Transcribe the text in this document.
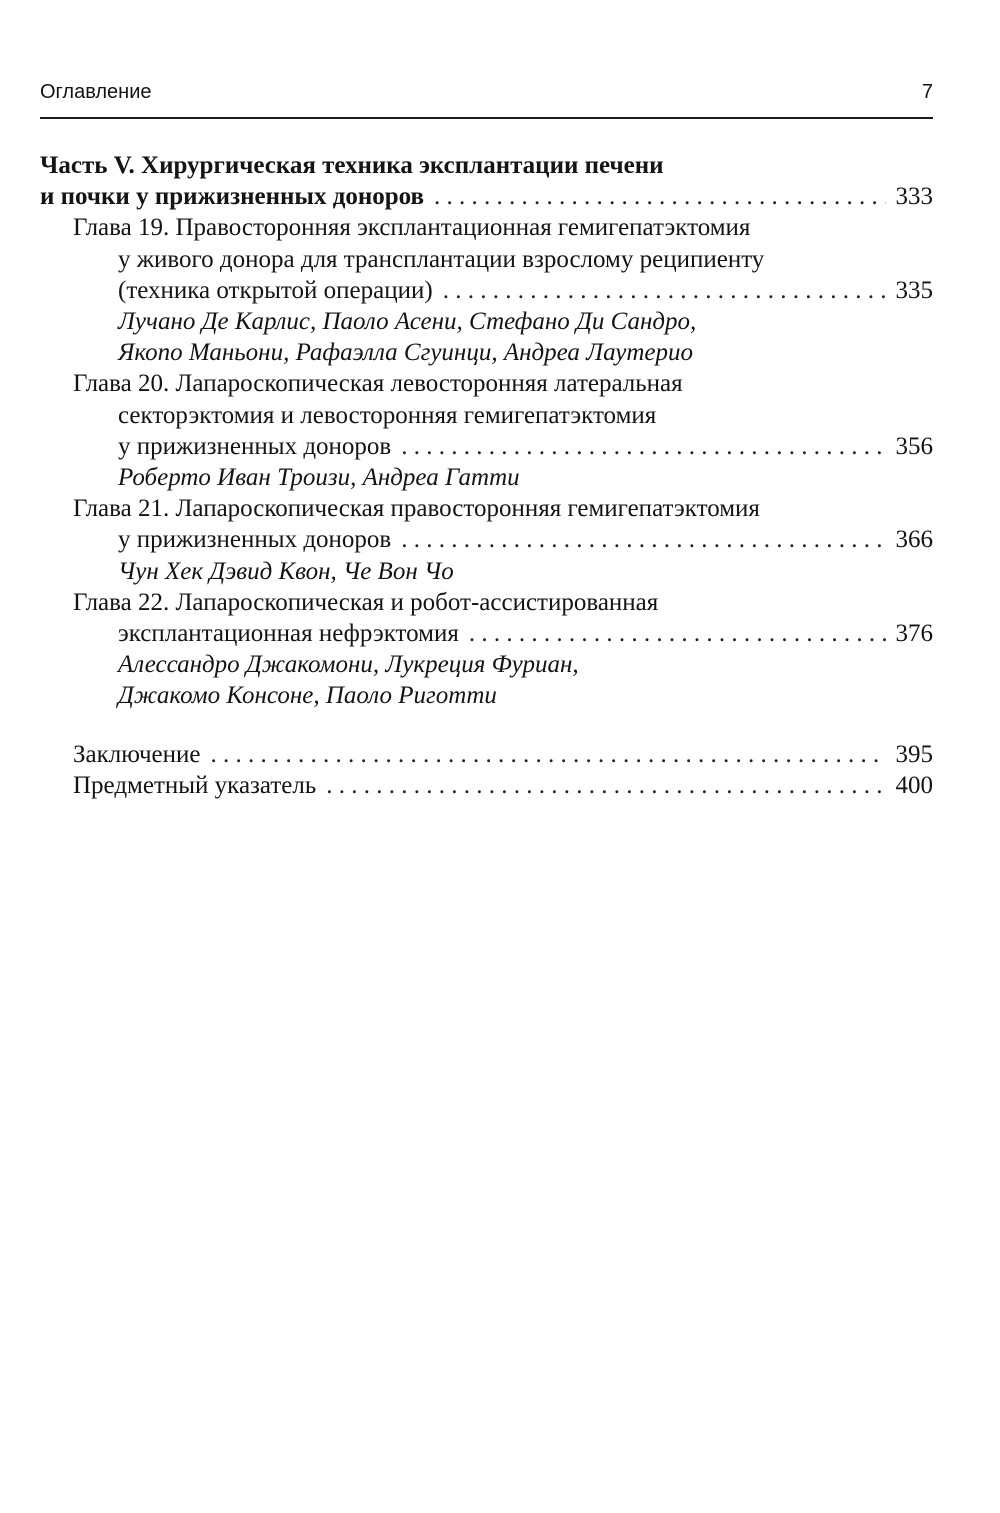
Оглавление	7
Часть V. Хирургическая техника эксплантации печени
и почки у прижизненных доноров . . .	333
Глава 19. Правосторонняя эксплантационная гемигепатэктомия
у живого донора для трансплантации взрослому реципиенту
(техника открытой операции) . . .	335
Лучано Де Карлис, Паоло Асени, Стефано Ди Сандро,
Якопо Маньони, Рафаэлла Сгуинци, Андреа Лаутерио
Глава 20. Лапароскопическая левосторонняя латеральная
секторэктомия и левосторонняя гемигепатэктомия
у прижизненных доноров . . .	356
Роберто Иван Троизи, Андреа Гатти
Глава 21. Лапароскопическая правосторонняя гемигепатэктомия
у прижизненных доноров . . .	366
Чун Хек Дэвид Квон, Че Вон Чо
Глава 22. Лапароскопическая и робот-ассистированная
эксплантационная нефрэктомия . . .	376
Алессандро Джакомони, Лукреция Фуриан,
Джакомо Консоне, Паоло Риготти
Заключение . . .	395
Предметный указатель . . .	400
